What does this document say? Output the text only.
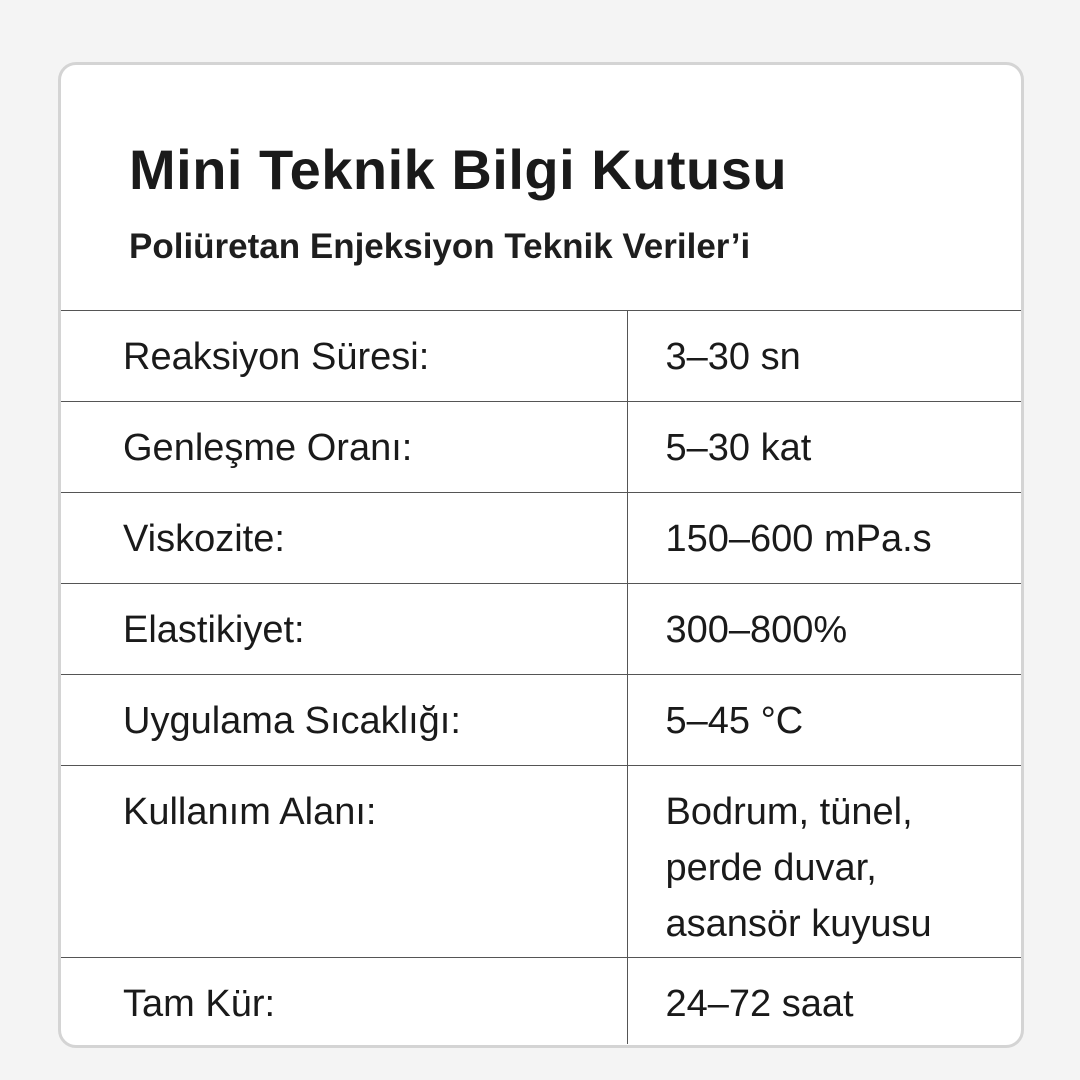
Mini Teknik Bilgi Kutusu
Poliüretan Enjeksiyon Teknik Veriler’i
Reaksiyon Süresi:	3–30 sn
Genleşme Oranı:	5–30 kat
Viskozite:	150–600 mPa.s
Elastikiyet:	300–800%
Uygulama Sıcaklığı:	5–45 °C
Kullanım Alanı:	Bodrum, tünel,
perde duvar,
asansör kuyusu

Tam Kür:	24–72 saat
